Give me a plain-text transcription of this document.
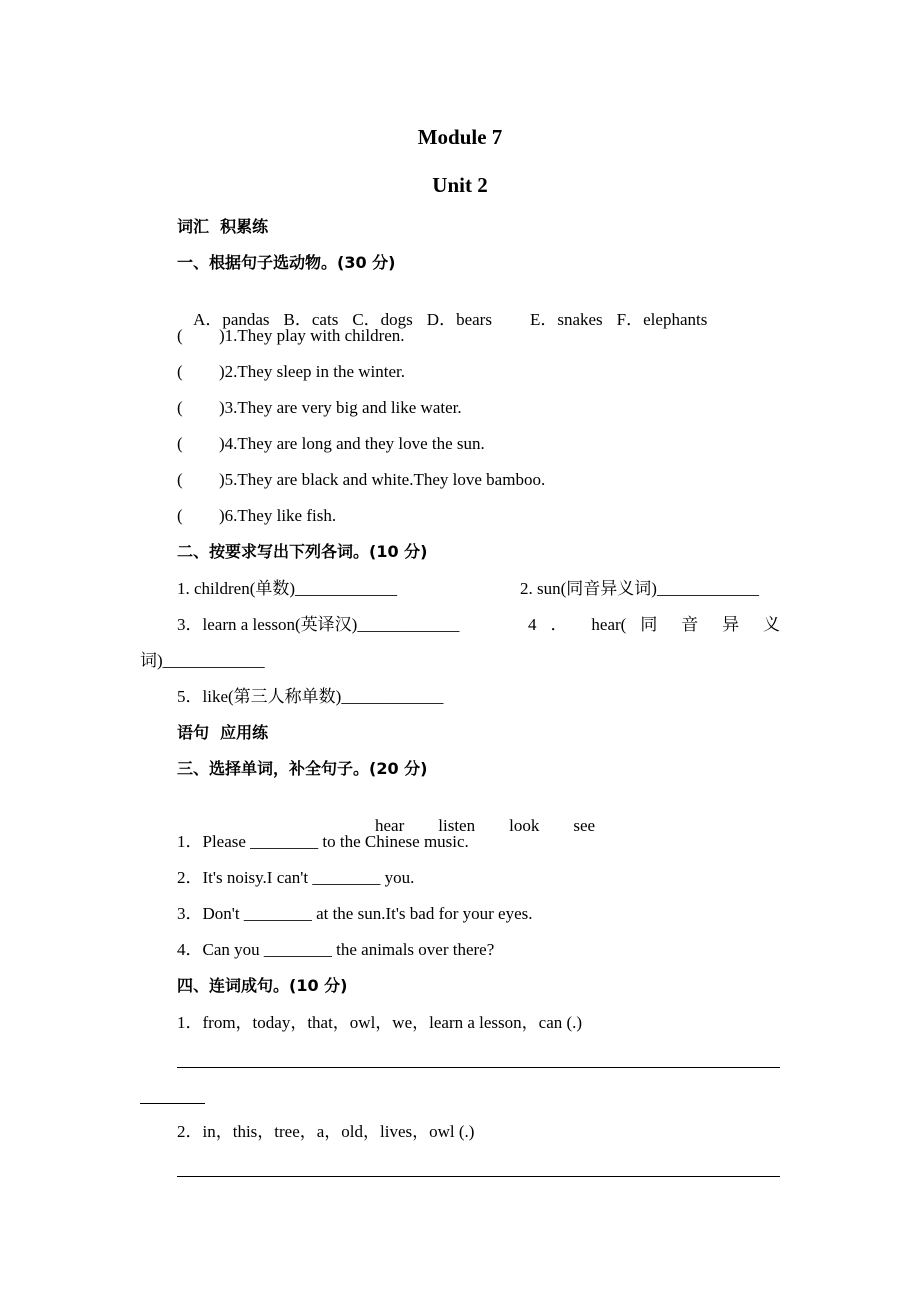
Module 7
Unit 2
词汇  积累练
一、根据句子选动物。(30 分)

A．pandas B．cats C．dogs D．bears E．snakes F．elephants

( )1.They play with children.
( )2.They sleep in the winter.
( )3.They are very big and like water.
( )4.They are long and they love the sun.
( )5.They are black and white.They love bamboo.
( )6.They like fish.
二、按要求写出下列各词。(10 分)
1. children(单数)____________	2. sun(同音异义词)____________
3．learn a lesson(英译汉)____________	4 ． hear( 同 音 异 义
词)____________
5．like(第三人称单数)____________
语句  应用练
三、选择单词，补全句子。(20 分)

hear listen look see

1．Please ________ to the Chinese music.
2．It's noisy.I can't ________ you.
3．Don't ________ at the sun.It's bad for your eyes.
4．Can you ________ the animals over there?
四、连词成句。(10 分)
1．from，today，that，owl，we，learn a lesson，can (.)
2．in，this，tree，a，old，lives，owl (.)
